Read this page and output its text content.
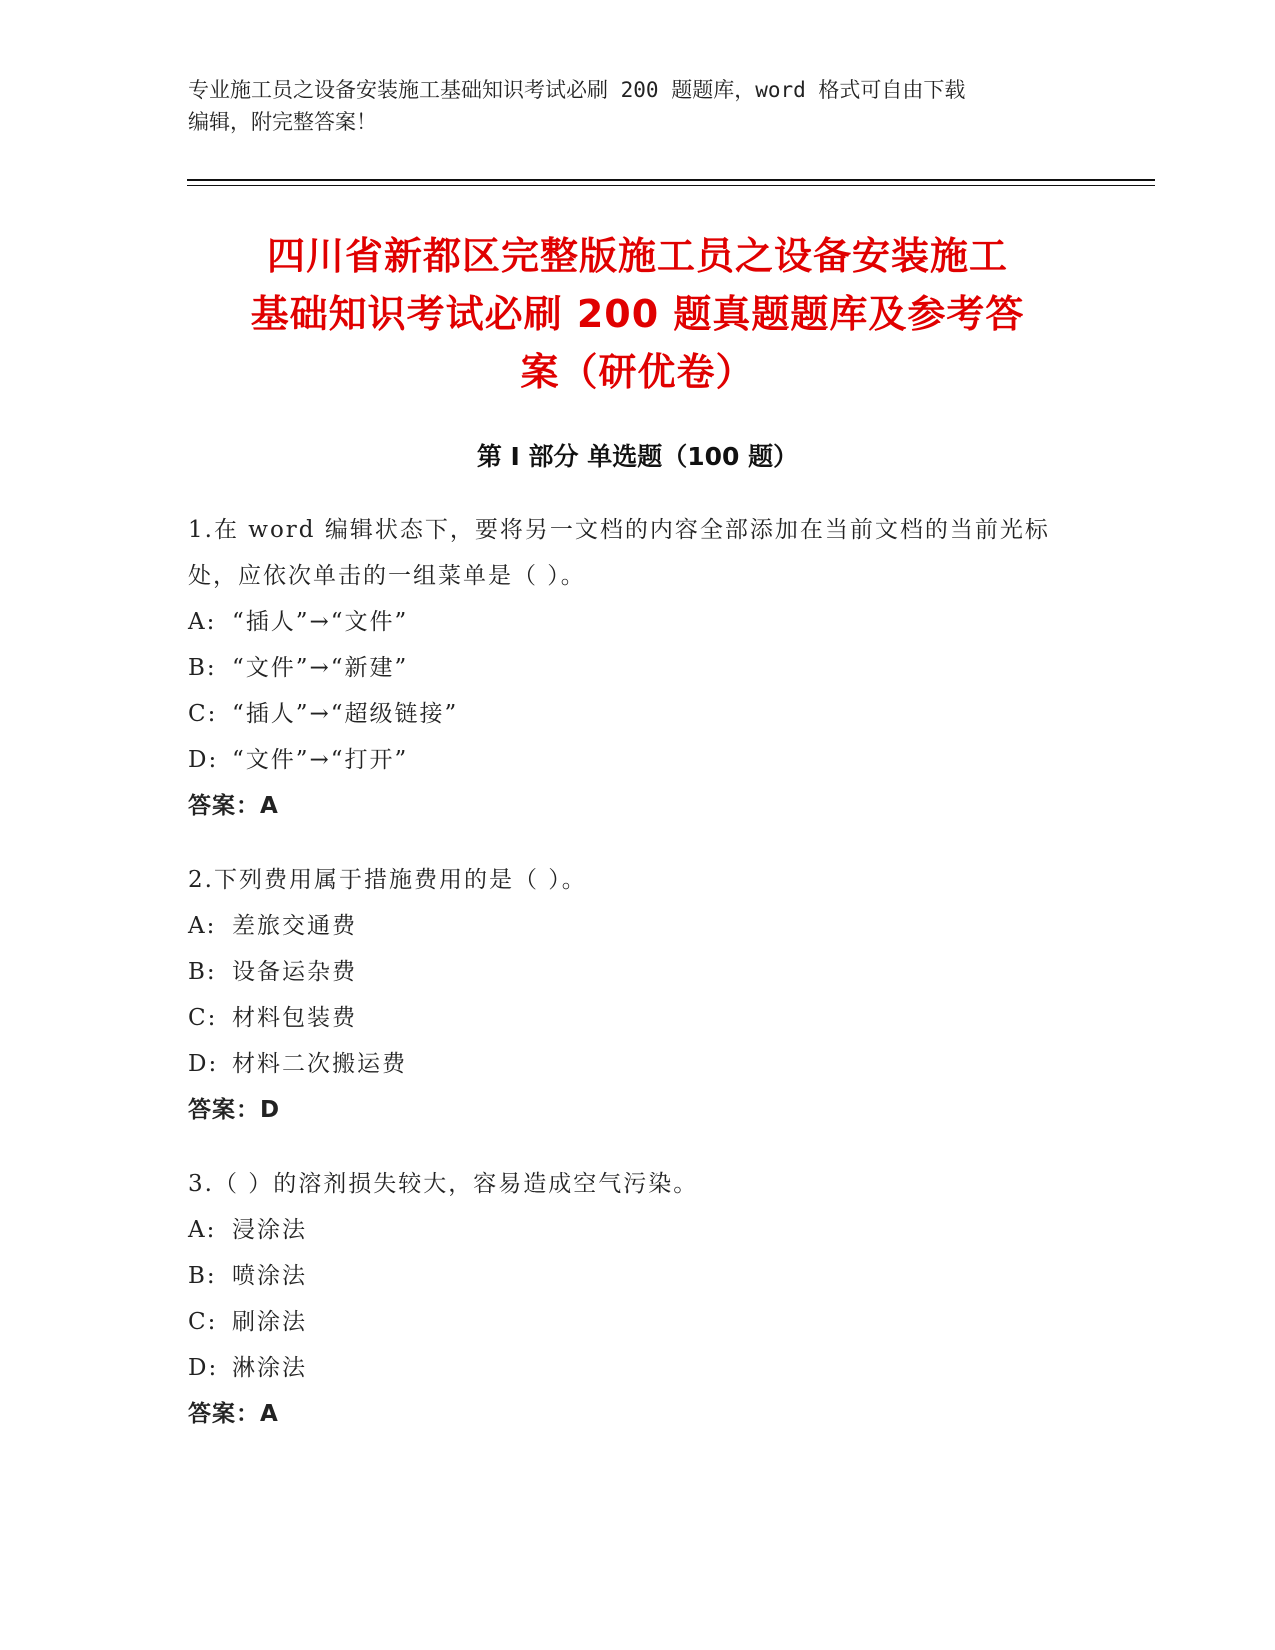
专业施工员之设备安装施工基础知识考试必刷 200 题题库，word 格式可自由下载
编辑，附完整答案！
四川省新都区完整版施工员之设备安装施工
基础知识考试必刷 200 题真题题库及参考答
案（研优卷）
第 I 部分 单选题（100 题）
1.在 word 编辑状态下，要将另一文档的内容全部添加在当前文档的当前光标处，应依次单击的一组菜单是（ ）。
A: “插人”→“文件”
B: “文件”→“新建”
C: “插人”→“超级链接”
D: “文件”→“打开”
答案：A
2.下列费用属于措施费用的是（ ）。
A: 差旅交通费
B: 设备运杂费
C: 材料包装费
D: 材料二次搬运费
答案：D
3.（ ）的溶剂损失较大，容易造成空气污染。
A: 浸涂法
B: 喷涂法
C: 刷涂法
D: 淋涂法
答案：A
